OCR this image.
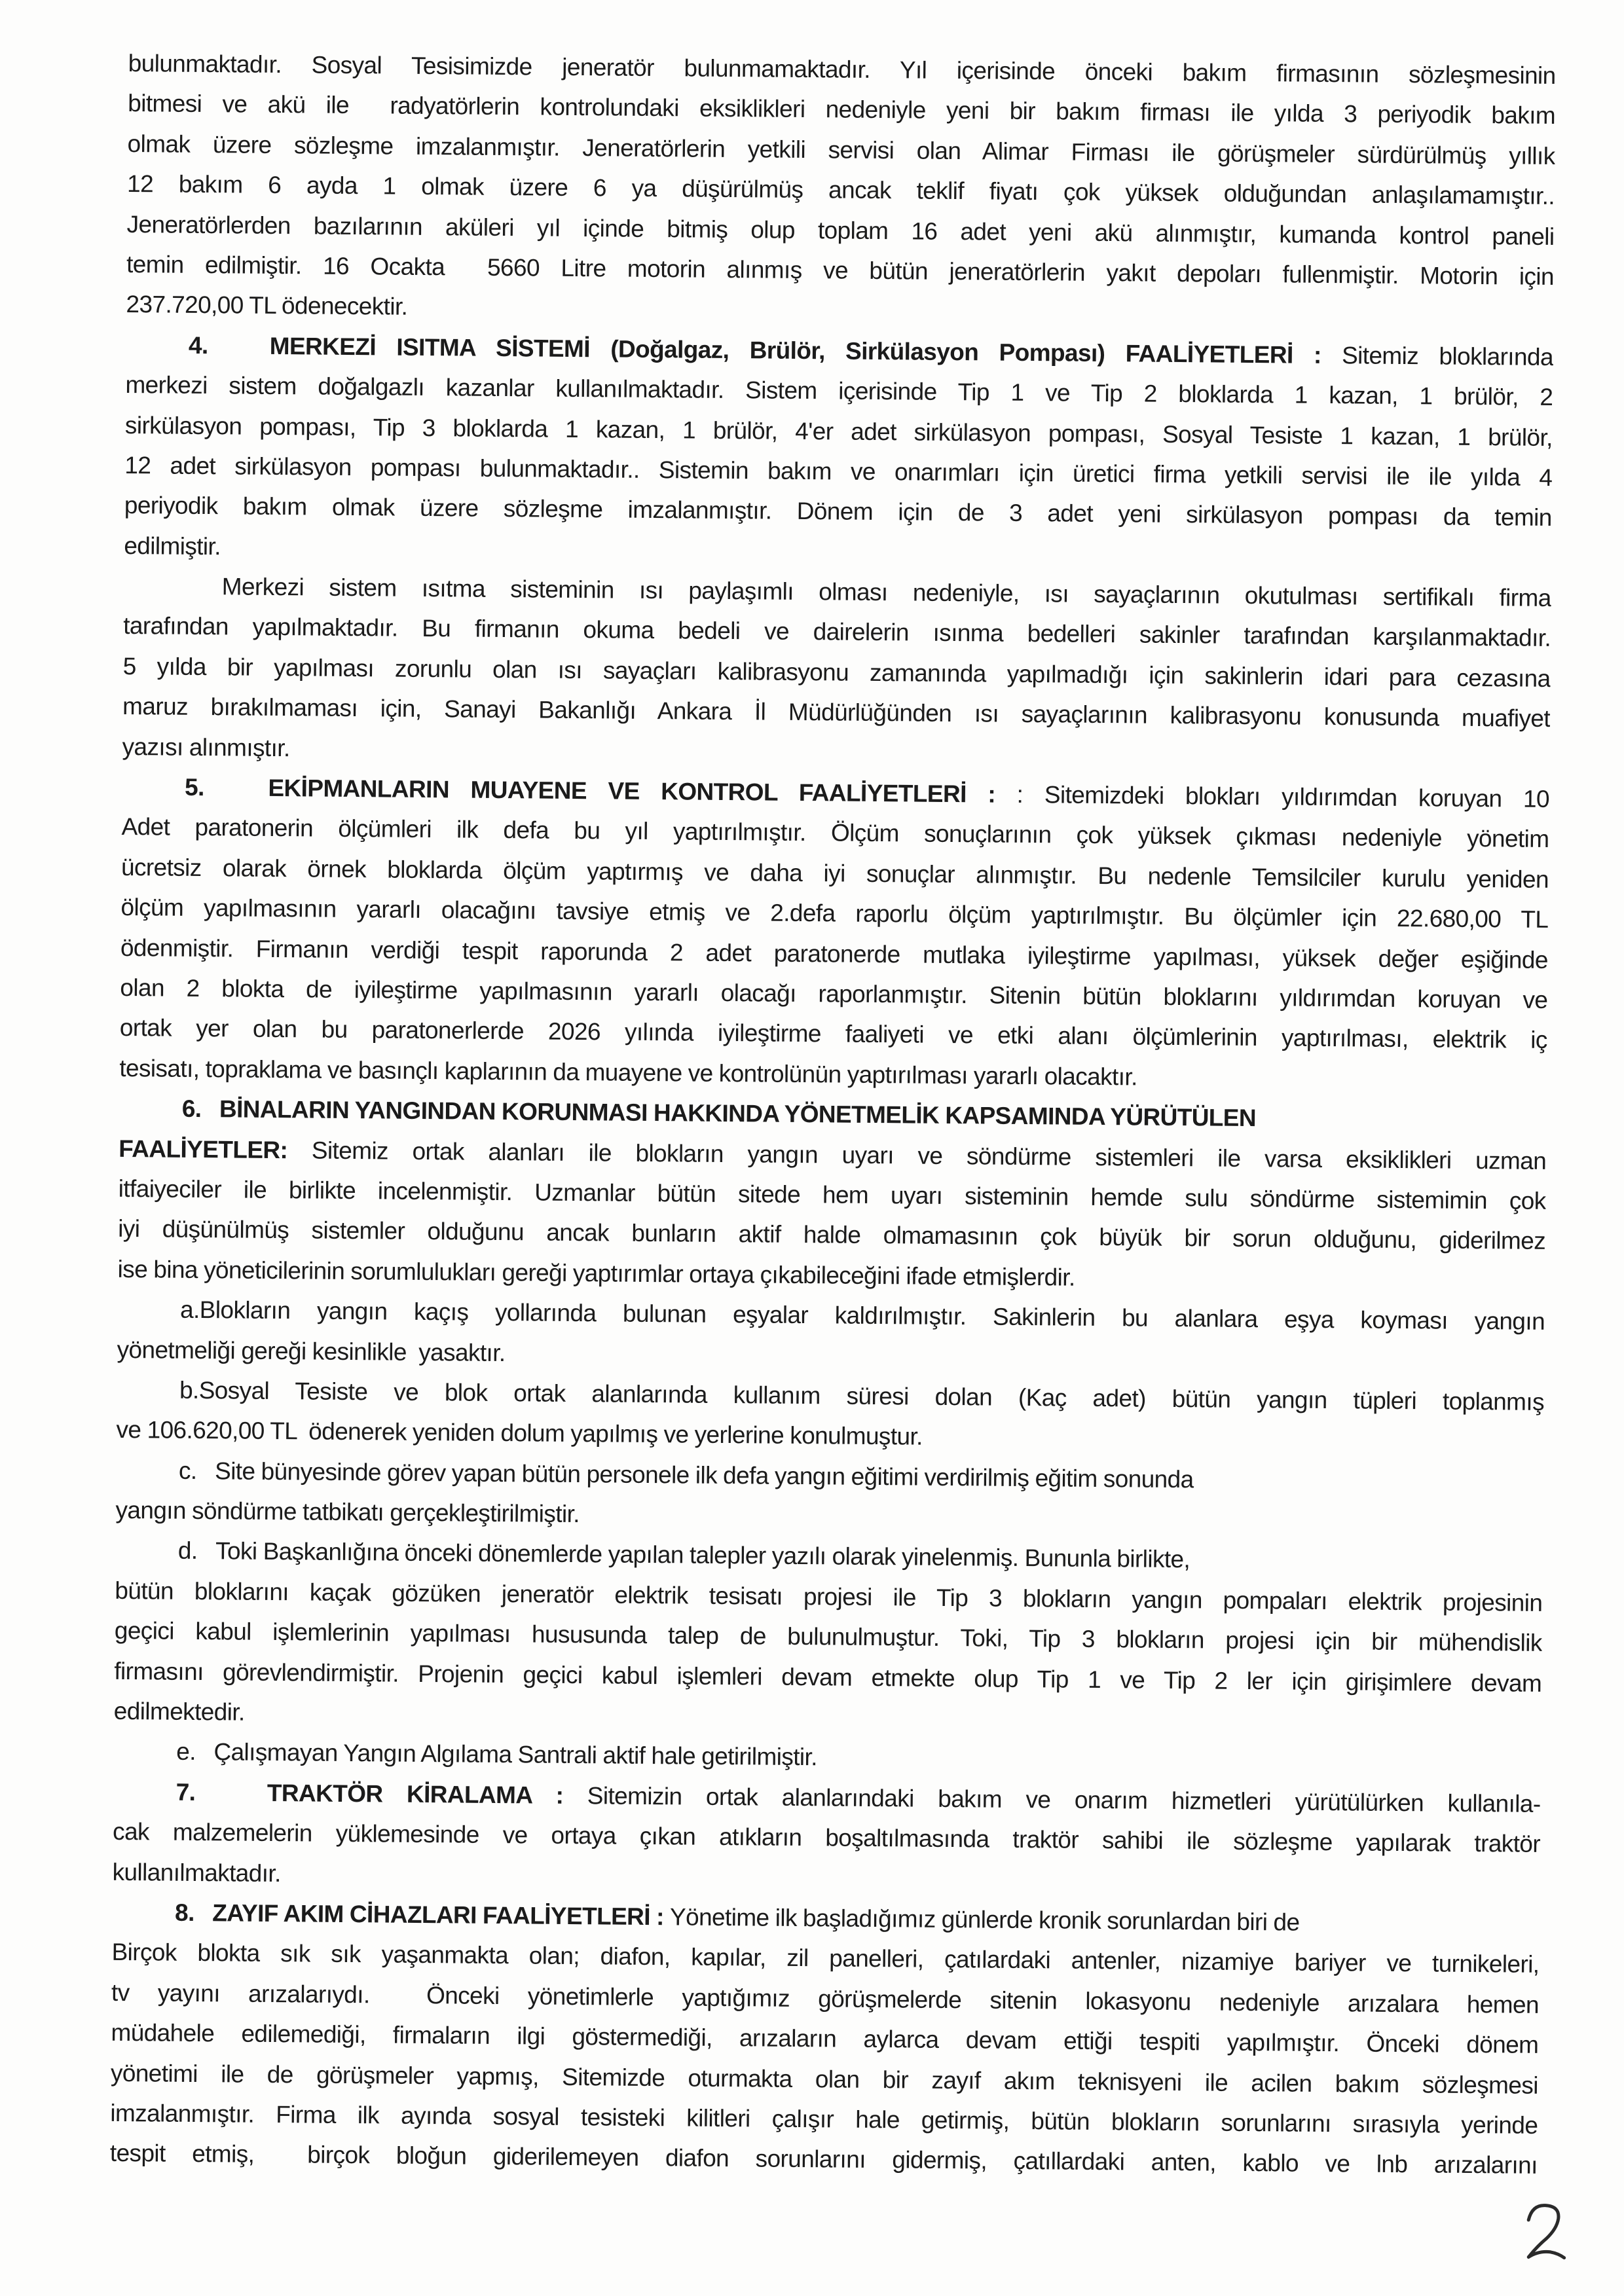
bulunmaktadır. Sosyal Tesisimizde jeneratör bulunmamaktadır. Yıl içerisinde önceki bakım firmasının sözleşmesinin
bitmesi ve akü ile  radyatörlerin kontrolundaki eksiklikleri nedeniyle yeni bir bakım firması ile yılda 3 periyodik bakım
olmak üzere sözleşme imzalanmıştır. Jeneratörlerin yetkili servisi olan Alimar Firması ile görüşmeler sürdürülmüş yıllık
12 bakım 6 ayda 1 olmak üzere 6 ya düşürülmüş ancak teklif fiyatı çok yüksek olduğundan anlaşılamamıştır..
Jeneratörlerden bazılarının aküleri yıl içinde bitmiş olup toplam 16 adet yeni akü alınmıştır, kumanda kontrol paneli
temin edilmiştir. 16 Ocakta  5660 Litre motorin alınmış ve bütün jeneratörlerin yakıt depoları fullenmiştir. Motorin için
237.720,00 TL ödenecektir.
4.   MERKEZİ ISITMA SİSTEMİ (Doğalgaz, Brülör, Sirkülasyon Pompası) FAALİYETLERİ : Sitemiz bloklarında
merkezi sistem doğalgazlı kazanlar kullanılmaktadır. Sistem içerisinde Tip 1 ve Tip 2 bloklarda 1 kazan, 1 brülör, 2
sirkülasyon pompası, Tip 3 bloklarda 1 kazan, 1 brülör, 4'er adet sirkülasyon pompası, Sosyal Tesiste 1 kazan, 1 brülör,
12 adet sirkülasyon pompası bulunmaktadır.. Sistemin bakım ve onarımları için üretici firma yetkili servisi ile ile yılda 4
periyodik bakım olmak üzere sözleşme imzalanmıştır. Dönem için de 3 adet yeni sirkülasyon pompası da temin
edilmiştir.
Merkezi sistem ısıtma sisteminin ısı paylaşımlı olması nedeniyle, ısı sayaçlarının okutulması sertifikalı firma
tarafından yapılmaktadır. Bu firmanın okuma bedeli ve dairelerin ısınma bedelleri sakinler tarafından karşılanmaktadır.
5 yılda bir yapılması zorunlu olan ısı sayaçları kalibrasyonu zamanında yapılmadığı için sakinlerin idari para cezasına
maruz bırakılmaması için, Sanayi Bakanlığı Ankara İl Müdürlüğünden ısı sayaçlarının kalibrasyonu konusunda muafiyet
yazısı alınmıştır.
5.   EKİPMANLARIN MUAYENE VE KONTROL FAALİYETLERİ : : Sitemizdeki blokları yıldırımdan koruyan 10
Adet paratonerin ölçümleri ilk defa bu yıl yaptırılmıştır. Ölçüm sonuçlarının çok yüksek çıkması nedeniyle yönetim
ücretsiz olarak örnek bloklarda ölçüm yaptırmış ve daha iyi sonuçlar alınmıştır. Bu nedenle Temsilciler kurulu yeniden
ölçüm yapılmasının yararlı olacağını tavsiye etmiş ve 2.defa raporlu ölçüm yaptırılmıştır. Bu ölçümler için 22.680,00 TL
ödenmiştir. Firmanın verdiği tespit raporunda 2 adet paratonerde mutlaka iyileştirme yapılması, yüksek değer eşiğinde
olan 2 blokta de iyileştirme yapılmasının yararlı olacağı raporlanmıştır. Sitenin bütün bloklarını yıldırımdan koruyan ve
ortak yer olan bu paratonerlerde 2026 yılında iyileştirme faaliyeti ve etki alanı ölçümlerinin yaptırılması, elektrik iç
tesisatı, topraklama ve basınçlı kaplarının da muayene ve kontrolünün yaptırılması yararlı olacaktır.
6.   BİNALARIN YANGINDAN KORUNMASI HAKKINDA YÖNETMELİK KAPSAMINDA YÜRÜTÜLEN
FAALİYETLER: Sitemiz ortak alanları ile blokların yangın uyarı ve söndürme sistemleri ile varsa eksiklikleri uzman
itfaiyeciler ile birlikte incelenmiştir. Uzmanlar bütün sitede hem uyarı sisteminin hemde sulu söndürme sistemimin çok
iyi düşünülmüş sistemler olduğunu ancak bunların aktif halde olmamasının çok büyük bir sorun olduğunu, giderilmez
ise bina yöneticilerinin sorumlulukları gereği yaptırımlar ortaya çıkabileceğini ifade etmişlerdir.
a.Blokların yangın kaçış yollarında bulunan eşyalar kaldırılmıştır. Sakinlerin bu alanlara eşya koyması yangın
yönetmeliği gereği kesinlikle  yasaktır.
b.Sosyal Tesiste ve blok ortak alanlarında kullanım süresi dolan (Kaç adet) bütün yangın tüpleri toplanmış
ve 106.620,00 TL  ödenerek yeniden dolum yapılmış ve yerlerine konulmuştur.
c.   Site bünyesinde görev yapan bütün personele ilk defa yangın eğitimi verdirilmiş eğitim sonunda
yangın söndürme tatbikatı gerçekleştirilmiştir.
d.   Toki Başkanlığına önceki dönemlerde yapılan talepler yazılı olarak yinelenmiş. Bununla birlikte,
bütün bloklarını kaçak gözüken jeneratör elektrik tesisatı projesi ile Tip 3 blokların yangın pompaları elektrik projesinin
geçici kabul işlemlerinin yapılması hususunda talep de bulunulmuştur. Toki, Tip 3 blokların projesi için bir mühendislik
firmasını görevlendirmiştir. Projenin geçici kabul işlemleri devam etmekte olup Tip 1 ve Tip 2 ler için girişimlere devam
edilmektedir.
e.   Çalışmayan Yangın Algılama Santrali aktif hale getirilmiştir.
7.   TRAKTÖR KİRALAMA : Sitemizin ortak alanlarındaki bakım ve onarım hizmetleri yürütülürken kullanıla-
cak malzemelerin yüklemesinde ve ortaya çıkan atıkların boşaltılmasında traktör sahibi ile sözleşme yapılarak traktör
kullanılmaktadır.
8.   ZAYIF AKIM CİHAZLARI FAALİYETLERİ : Yönetime ilk başladığımız günlerde kronik sorunlardan biri de
Birçok blokta sık sık yaşanmakta olan; diafon, kapılar, zil panelleri, çatılardaki antenler, nizamiye bariyer ve turnikeleri,
tv yayını arızalarıydı.  Önceki yönetimlerle yaptığımız görüşmelerde sitenin lokasyonu nedeniyle arızalara hemen
müdahele edilemediği, firmaların ilgi göstermediği, arızaların aylarca devam ettiği tespiti yapılmıştır. Önceki dönem
yönetimi ile de görüşmeler yapmış, Sitemizde oturmakta olan bir zayıf akım teknisyeni ile acilen bakım sözleşmesi
imzalanmıştır. Firma ilk ayında sosyal tesisteki kilitleri çalışır hale getirmiş, bütün blokların sorunlarını sırasıyla yerinde
tespit etmiş,  birçok bloğun giderilemeyen diafon sorunlarını gidermiş, çatıllardaki anten, kablo ve lnb arızalarını
